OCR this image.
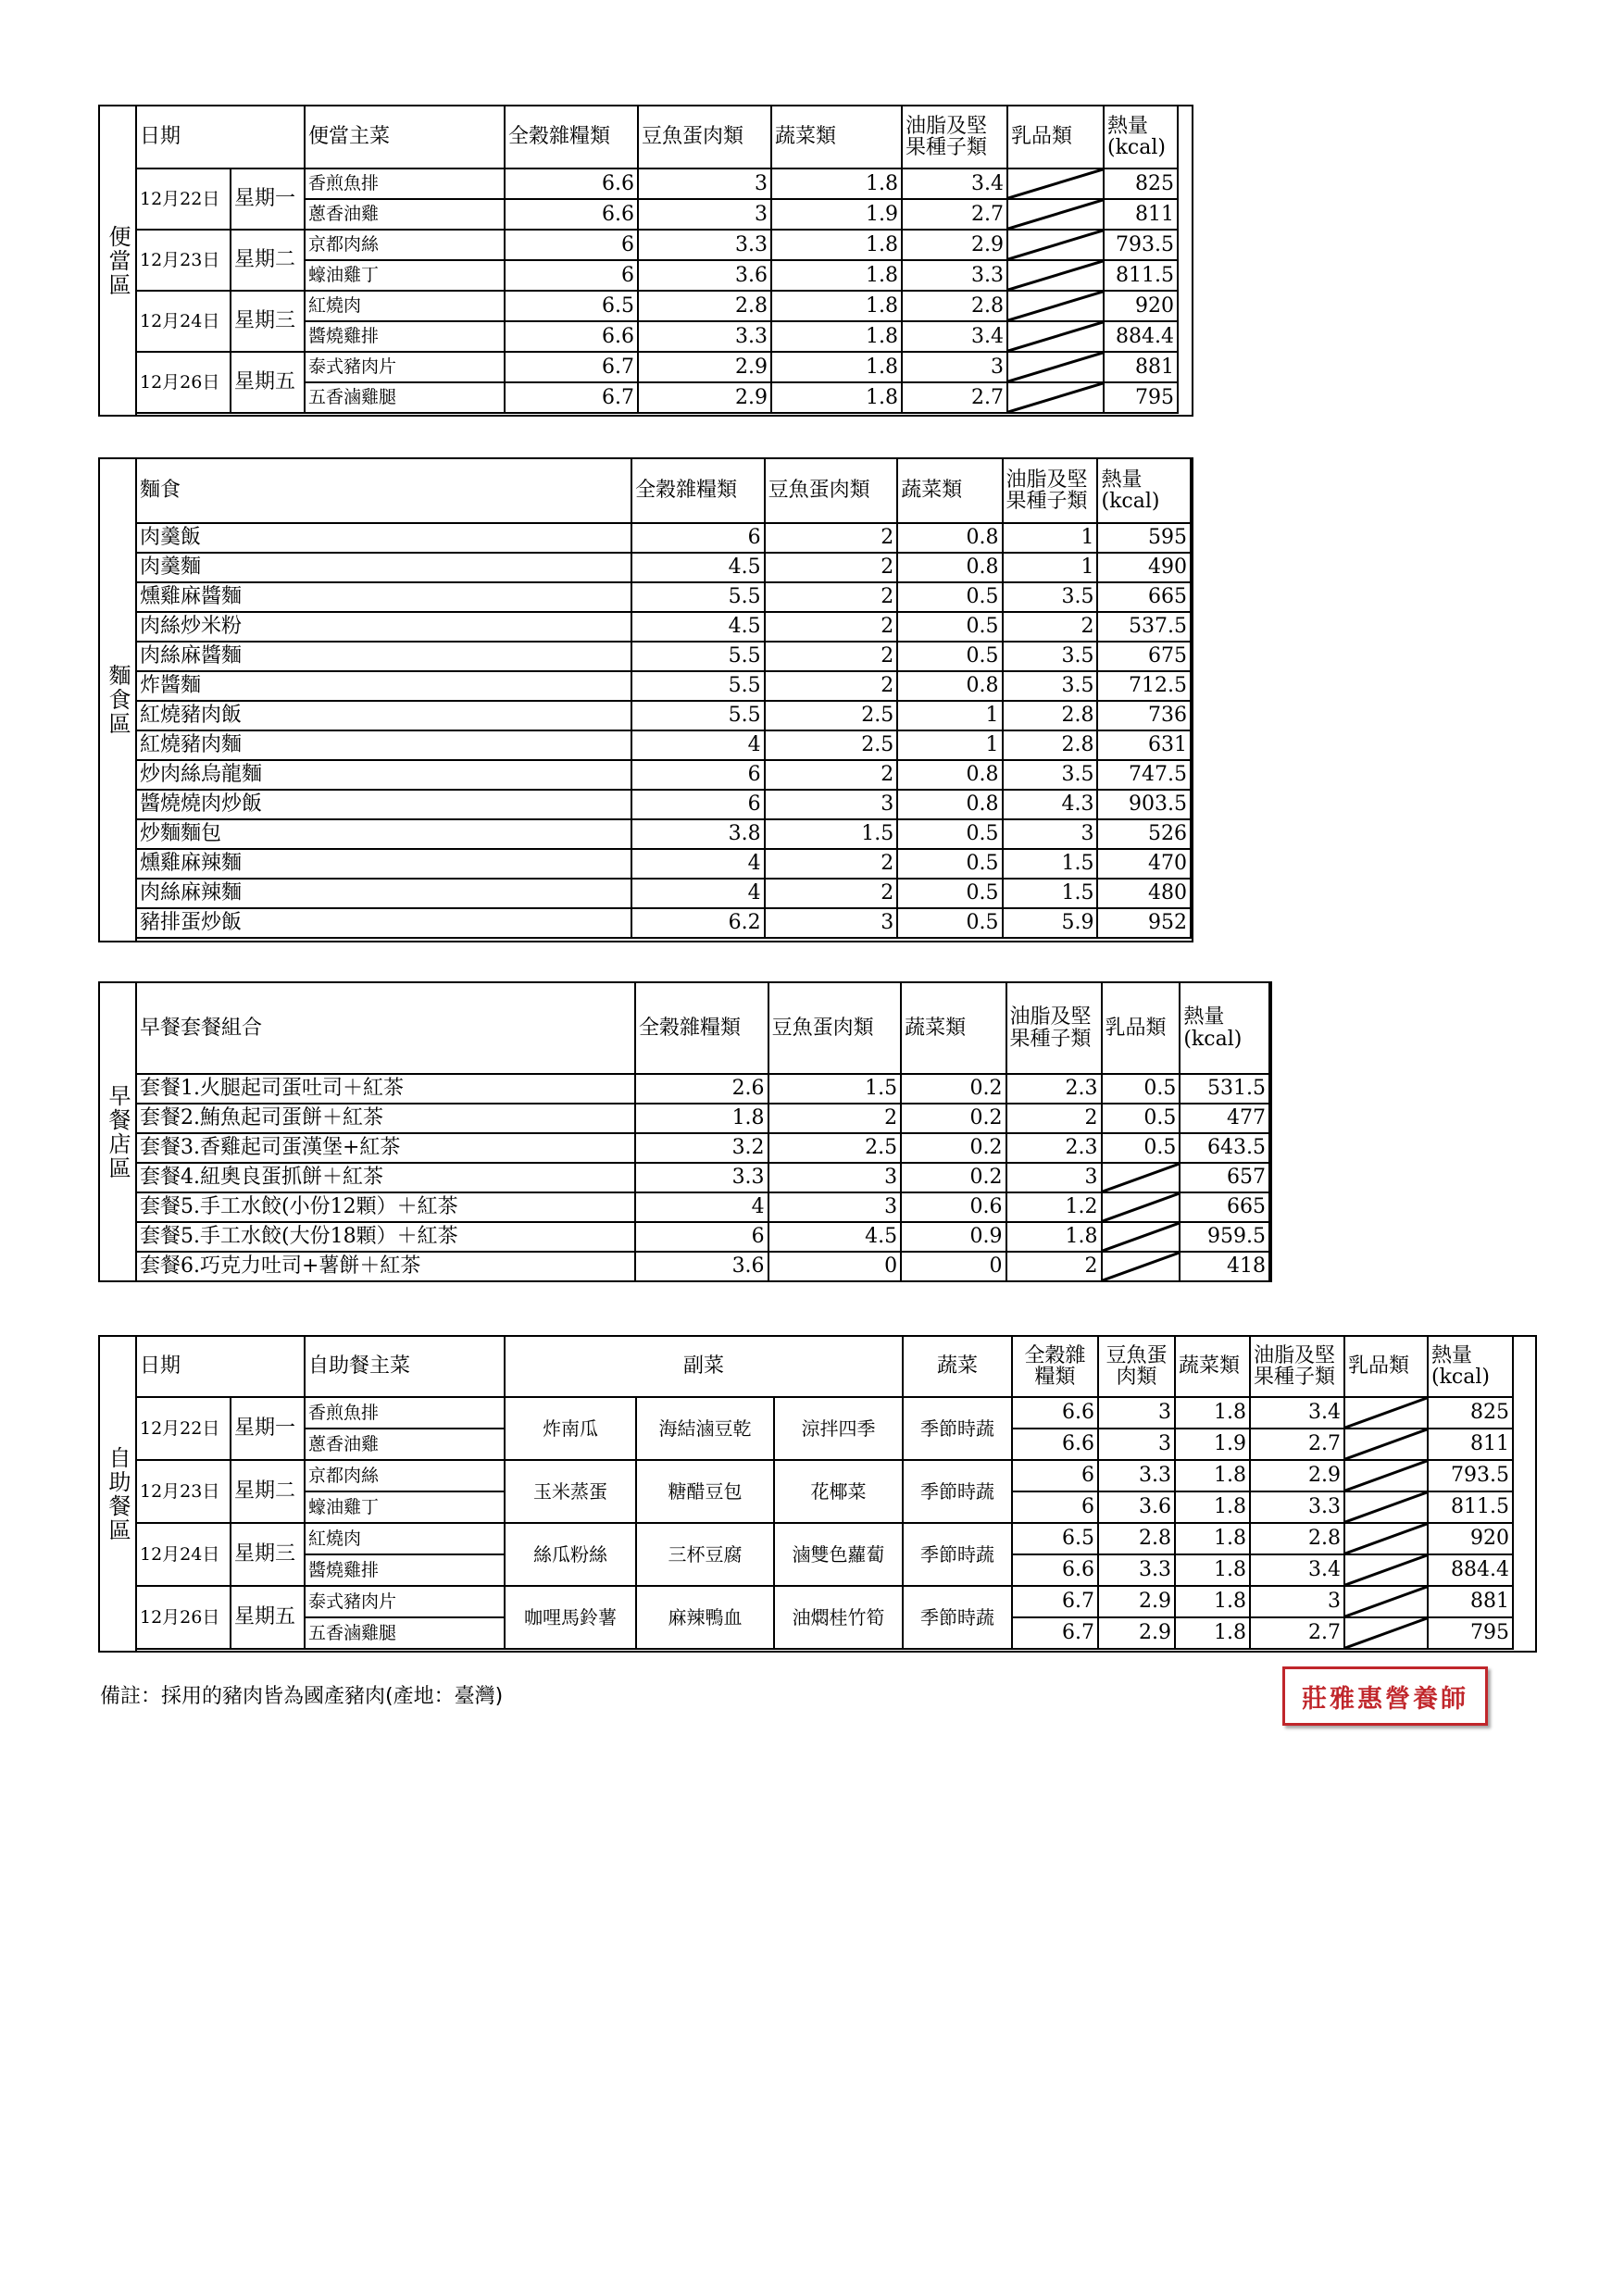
便當區
日期		便當主菜	全穀雜糧類	豆魚蛋肉類	蔬菜類	油脂及堅果種子類	乳品類	熱量(kcal)
12月22日	星期一	香煎魚排	6.6	3	1.8	3.4		825
		蔥香油雞	6.6	3	1.9	2.7		811
12月23日	星期二	京都肉絲	6	3.3	1.8	2.9		793.5
		蠔油雞丁	6	3.6	1.8	3.3		811.5
12月24日	星期三	紅燒肉	6.5	2.8	1.8	2.8		920
		醬燒雞排	6.6	3.3	1.8	3.4		884.4
12月26日	星期五	泰式豬肉片	6.7	2.9	1.8	3		881
		五香滷雞腿	6.7	2.9	1.8	2.7		795
麵食區
麵食	全穀雜糧類	豆魚蛋肉類	蔬菜類	油脂及堅果種子類	熱量(kcal)
肉羹飯	6	2	0.8	1	595
肉羹麵	4.5	2	0.8	1	490
燻雞麻醬麵	5.5	2	0.5	3.5	665
肉絲炒米粉	4.5	2	0.5	2	537.5
肉絲麻醬麵	5.5	2	0.5	3.5	675
炸醬麵	5.5	2	0.8	3.5	712.5
紅燒豬肉飯	5.5	2.5	1	2.8	736
紅燒豬肉麵	4	2.5	1	2.8	631
炒肉絲烏龍麵	6	2	0.8	3.5	747.5
醬燒燒肉炒飯	6	3	0.8	4.3	903.5
炒麵麵包	3.8	1.5	0.5	3	526
燻雞麻辣麵	4	2	0.5	1.5	470
肉絲麻辣麵	4	2	0.5	1.5	480
豬排蛋炒飯	6.2	3	0.5	5.9	952
早餐店區
早餐套餐組合	全穀雜糧類	豆魚蛋肉類	蔬菜類	油脂及堅果種子類	乳品類	熱量(kcal)
套餐1.火腿起司蛋吐司＋紅茶	2.6	1.5	0.2	2.3	0.5	531.5
套餐2.鮪魚起司蛋餅＋紅茶	1.8	2	0.2	2	0.5	477
套餐3.香雞起司蛋漢堡+紅茶	3.2	2.5	0.2	2.3	0.5	643.5
套餐4.紐奧良蛋抓餅＋紅茶	3.3	3	0.2	3		657
套餐5.手工水餃(小份12顆）＋紅茶	4	3	0.6	1.2		665
套餐5.手工水餃(大份18顆）＋紅茶	6	4.5	0.9	1.8		959.5
套餐6.巧克力吐司+薯餅＋紅茶	3.6	0	0	2		418
自助餐區
日期		自助餐主菜	副菜			蔬菜	全穀雜糧類	豆魚蛋肉類	蔬菜類	油脂及堅果種子類	乳品類	熱量(kcal)
12月22日	星期一	香煎魚排	炸南瓜	海結滷豆乾	涼拌四季	季節時蔬	6.6	3	1.8	3.4		825
		蔥香油雞					6.6	3	1.9	2.7		811
12月23日	星期二	京都肉絲	玉米蒸蛋	糖醋豆包	花椰菜	季節時蔬	6	3.3	1.8	2.9		793.5
		蠔油雞丁					6	3.6	1.8	3.3		811.5
12月24日	星期三	紅燒肉	絲瓜粉絲	三杯豆腐	滷雙色蘿蔔	季節時蔬	6.5	2.8	1.8	2.8		920
		醬燒雞排					6.6	3.3	1.8	3.4		884.4
12月26日	星期五	泰式豬肉片	咖哩馬鈴薯	麻辣鴨血	油燜桂竹筍	季節時蔬	6.7	2.9	1.8	3		881
		五香滷雞腿					6.7	2.9	1.8	2.7		795
備註：採用的豬肉皆為國產豬肉(產地：臺灣)	莊雅惠營養師
